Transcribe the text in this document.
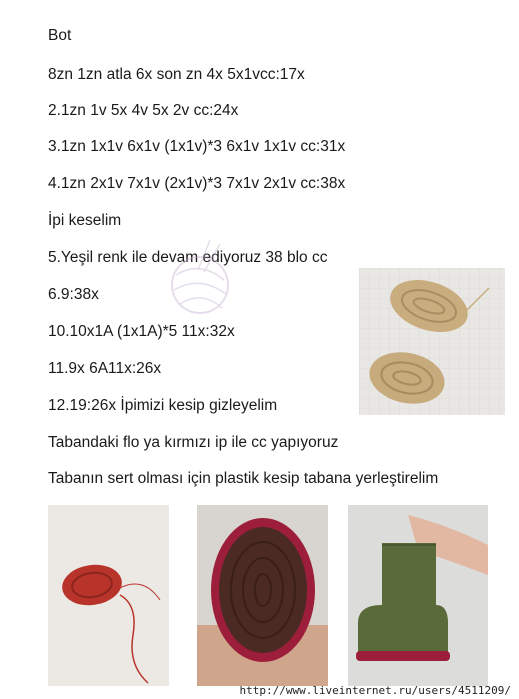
Bot

8zn 1zn atla 6x son zn 4x 5x1vcc:17x

2.1zn 1v 5x 4v 5x 2v cc:24x

3.1zn 1x1v 6x1v (1x1v)*3 6x1v 1x1v cc:31x

4.1zn 2x1v 7x1v (2x1v)*3 7x1v 2x1v cc:38x

İpi keselim

5.Yeşil renk ile devam ediyoruz 38 blo cc

6.9:38x

10.10x1A (1x1A)*5 11x:32x

11.9x 6A11x:26x

12.19:26x İpimizi kesip gizleyelim

Tabandaki flo ya kırmızı ip ile cc yapıyoruz

Tabanın sert olması için plastik kesip tabana yerleştirelim

http://www.liveinternet.ru/users/4511209/
